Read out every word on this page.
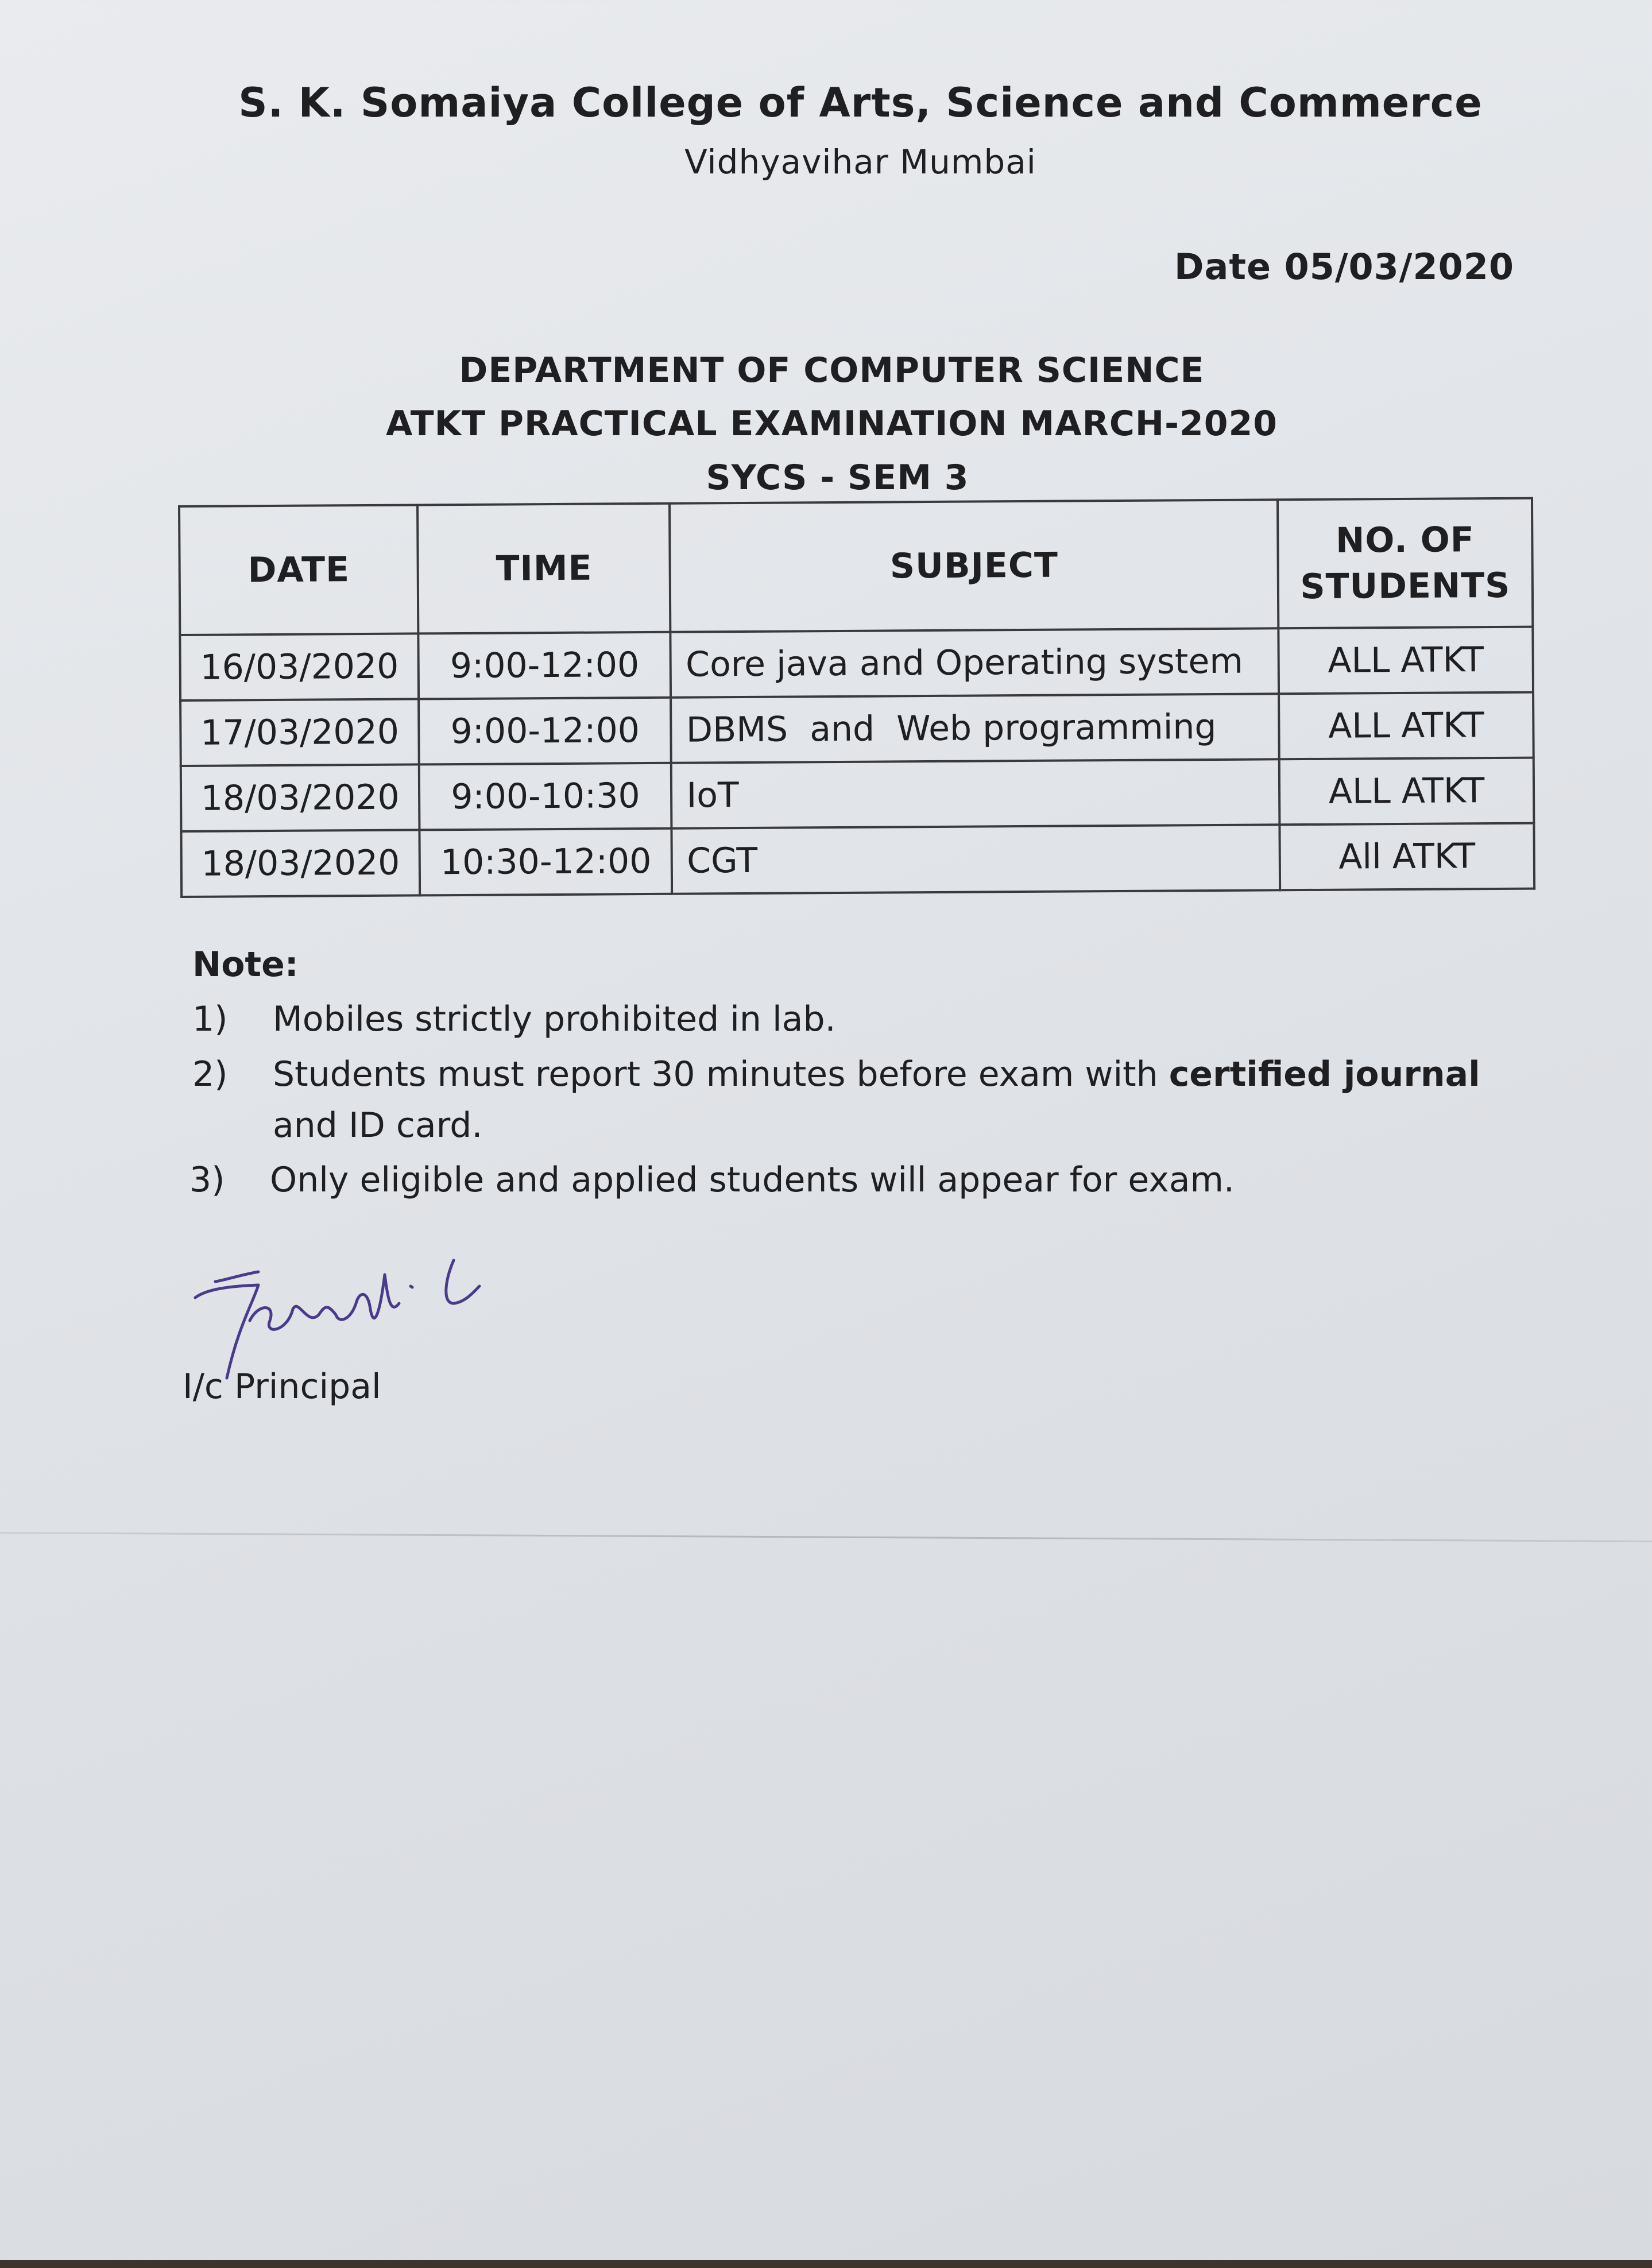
S. K. Somaiya College of Arts, Science and Commerce
Vidhyavihar Mumbai
Date 05/03/2020
DEPARTMENT OF COMPUTER SCIENCE
ATKT PRACTICAL EXAMINATION MARCH-2020
SYCS - SEM 3
DATE	TIME	SUBJECT	NO. OF
STUDENTS

16/03/2020	9:00-12:00	Core java and Operating system	ALL ATKT
17/03/2020	9:00-12:00	DBMS  and  Web programming	ALL ATKT
18/03/2020	9:00-10:30	IoT	ALL ATKT
18/03/2020	10:30-12:00	CGT	All ATKT
Note:
1) Mobiles strictly prohibited in lab.
2) Students must report 30 minutes before exam with certified journal
and ID card.
3) Only eligible and applied students will appear for exam.
I/c Principal
